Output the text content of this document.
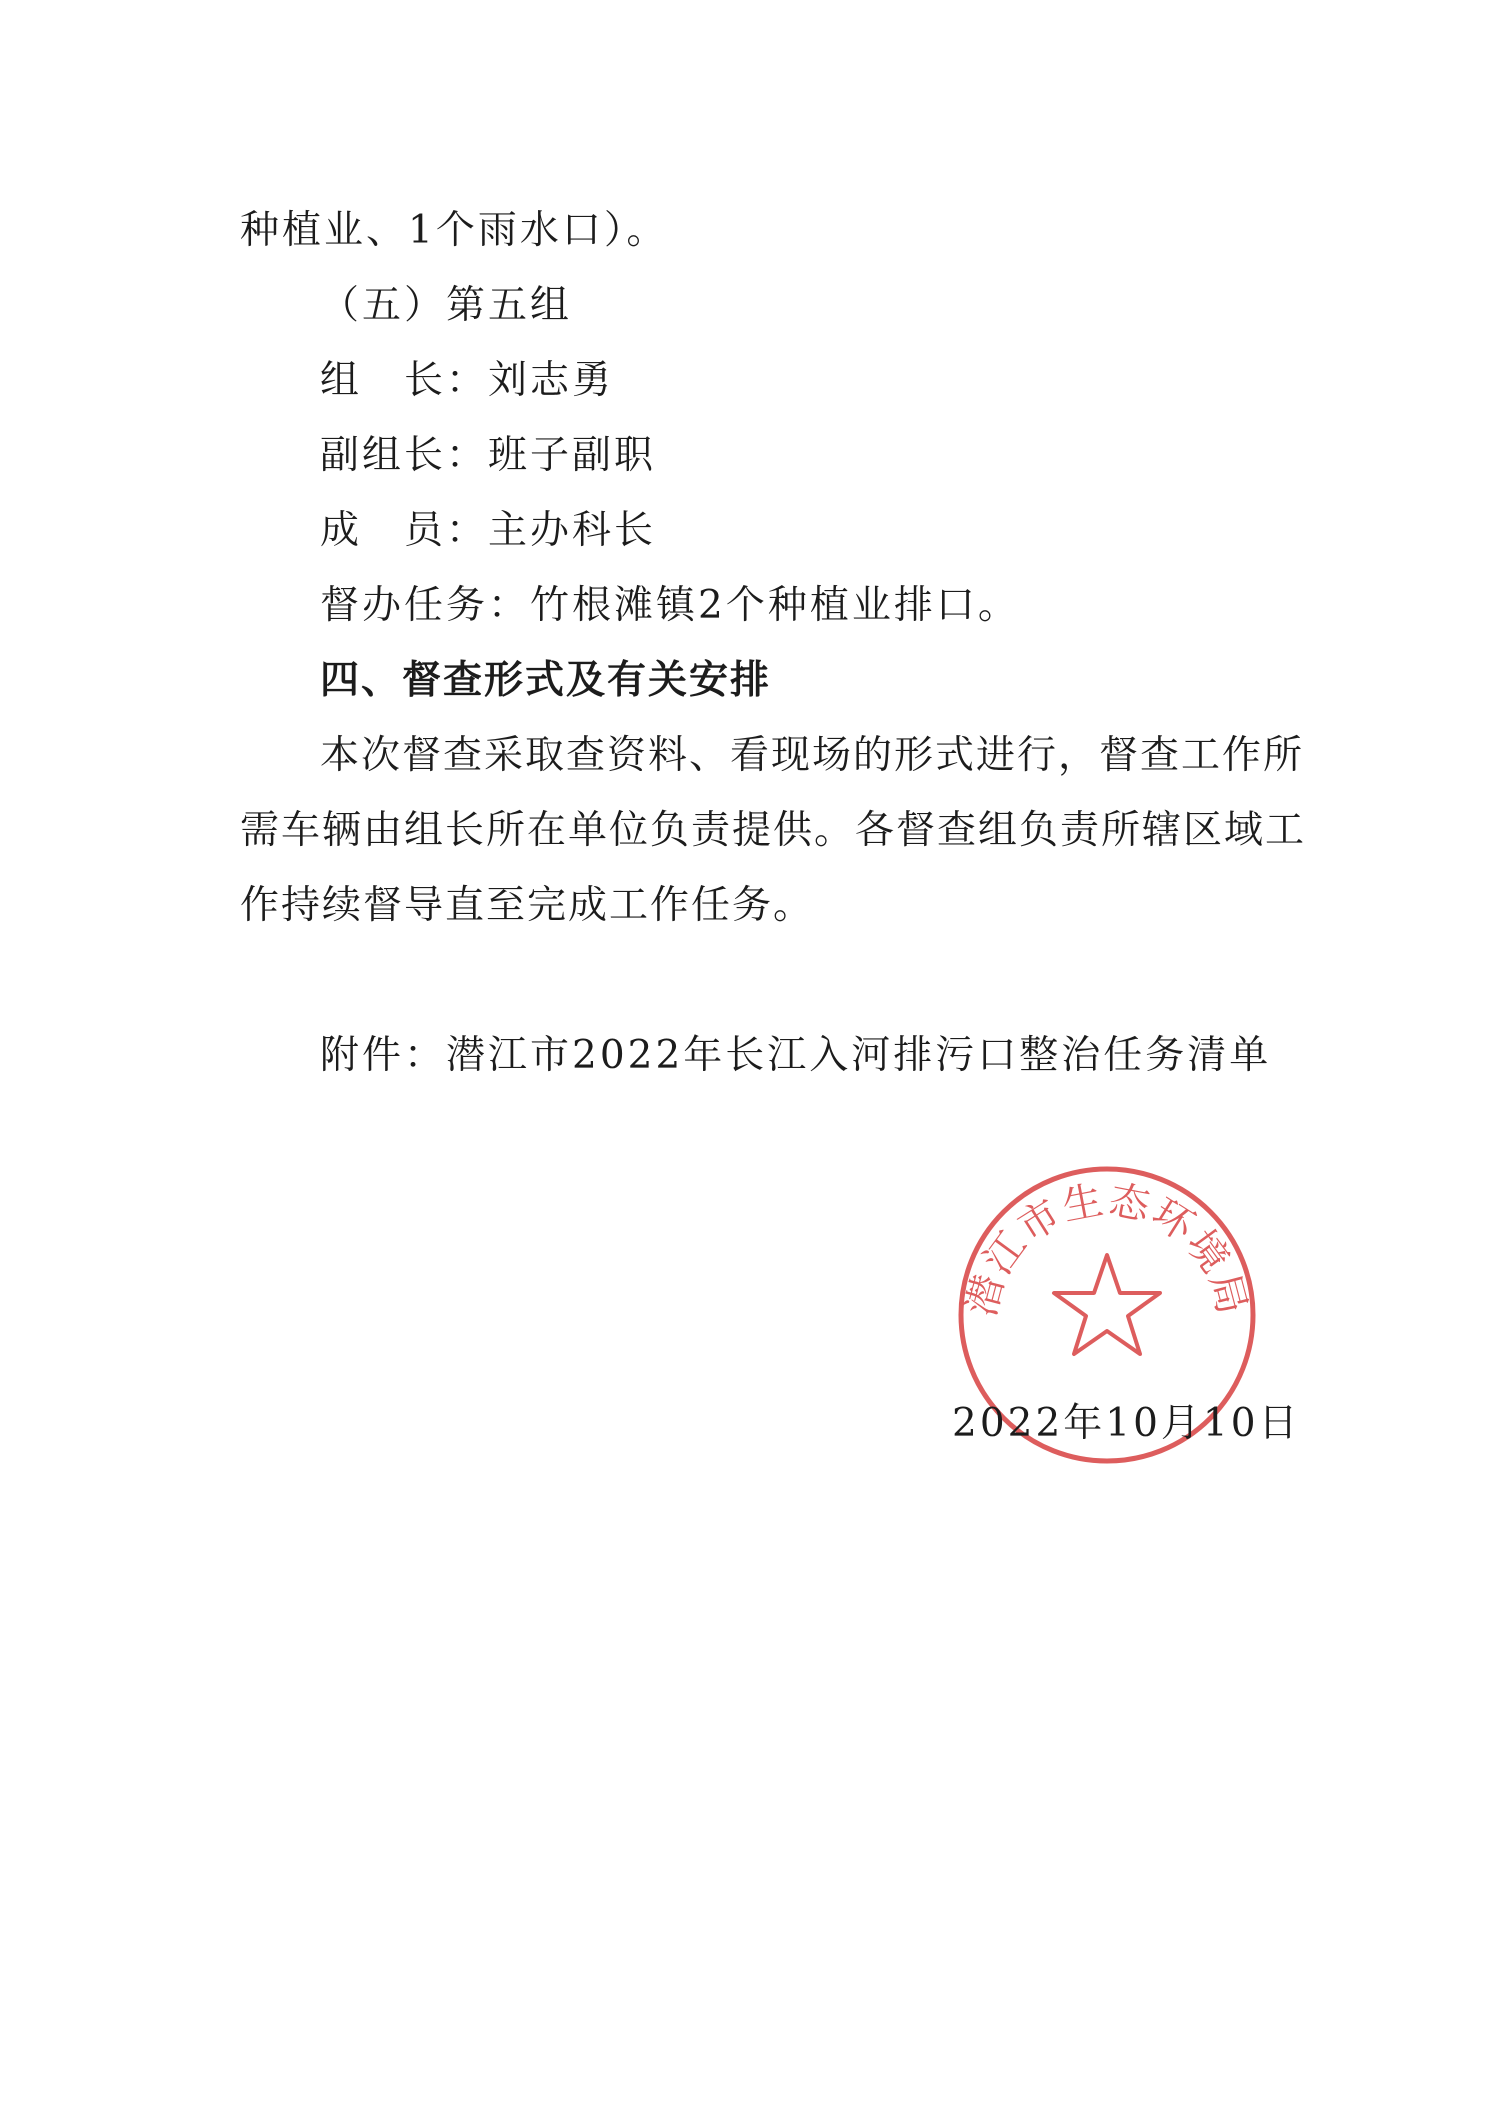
种植业、1个雨水口）。
（五）第五组
组　长：刘志勇
副组长：班子副职
成　员：主办科长
督办任务：竹根滩镇2个种植业排口。
四、督查形式及有关安排
本次督查采取查资料、看现场的形式进行，督查工作所
需车辆由组长所在单位负责提供。各督查组负责所辖区域工
作持续督导直至完成工作任务。
附件：潜江市2022年长江入河排污口整治任务清单
潜江市生态环境局
2022年10月10日
